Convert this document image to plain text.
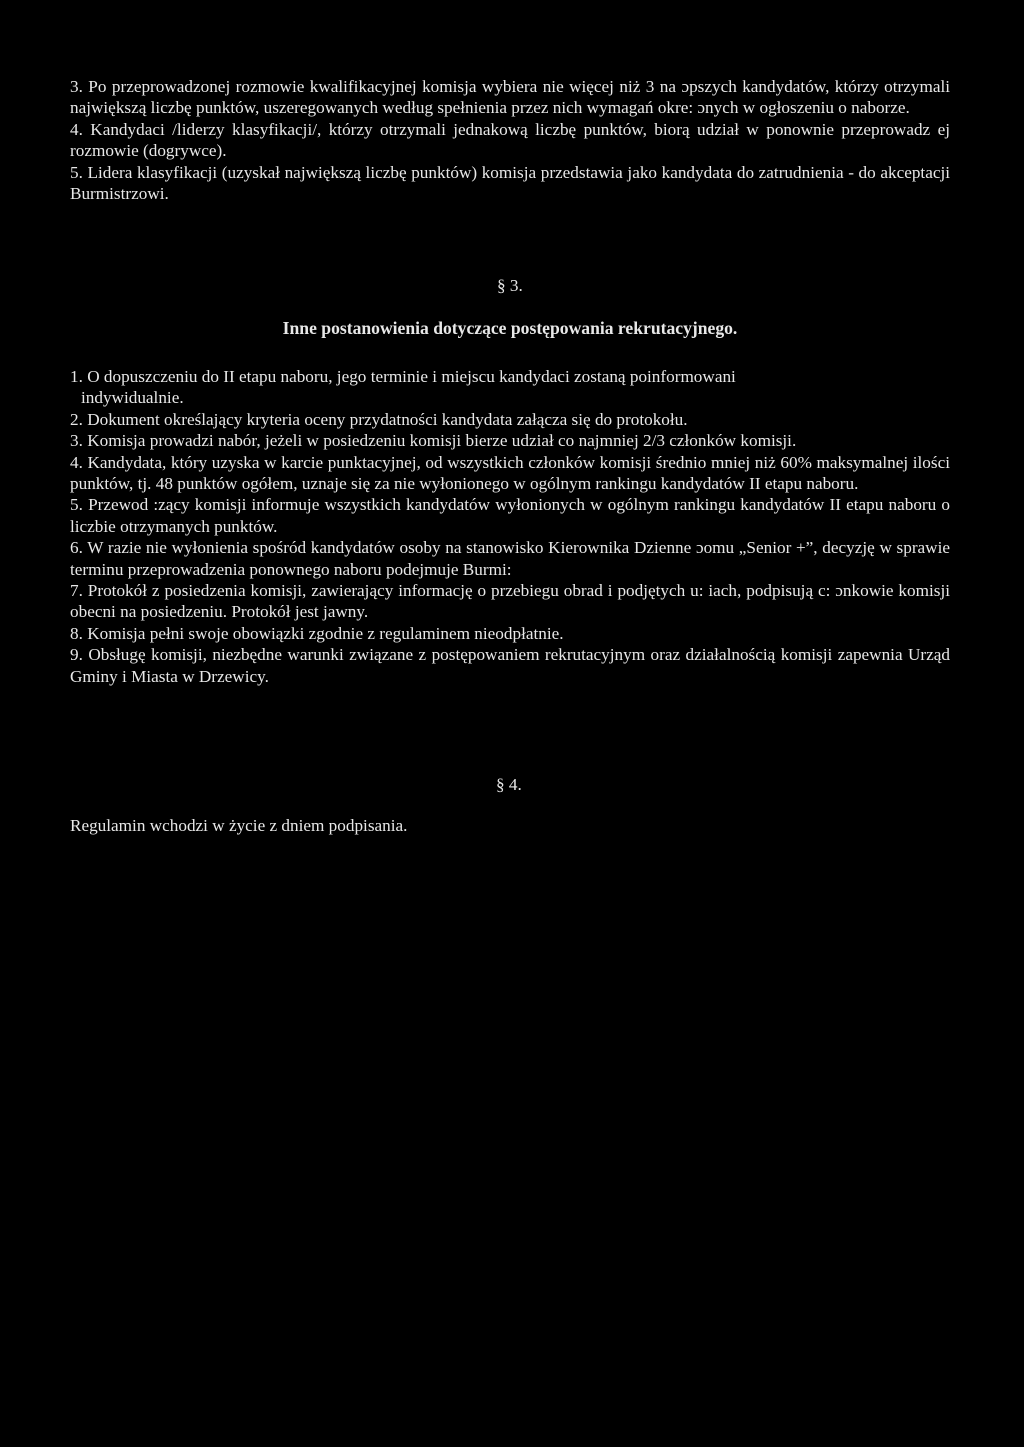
3. Po przeprowadzonej rozmowie kwalifikacyjnej komisja wybiera nie więcej niż 3 na ɔpszych kandydatów, którzy otrzymali największą liczbę punktów, uszeregowanych według spełnienia przez nich wymagań okre: ɔnych w ogłoszeniu o naborze.

4. Kandydaci /liderzy klasyfikacji/, którzy otrzymali jednakową liczbę punktów, biorą udział w ponownie przeprowadz ej rozmowie (dogrywce).

5. Lidera klasyfikacji (uzyskał największą liczbę punktów) komisja przedstawia jako kandydata do zatrudnienia - do akceptacji Burmistrzowi.

§ 3.
Inne postanowienia dotyczące postępowania rekrutacyjnego.

1. O dopuszczeniu do II etapu naboru, jego terminie i miejscu kandydaci zostaną poinformowani

indywidualnie.

2. Dokument określający kryteria oceny przydatności kandydata załącza się do protokołu.

3. Komisja prowadzi nabór, jeżeli w posiedzeniu komisji bierze udział co najmniej 2/3 członków komisji.

4. Kandydata, który uzyska w karcie punktacyjnej, od wszystkich członków komisji średnio mniej niż 60% maksymalnej ilości punktów, tj. 48 punktów ogółem, uznaje się za nie wyłonionego w ogólnym rankingu kandydatów II etapu naboru.

5. Przewod :zący komisji informuje wszystkich kandydatów wyłonionych w ogólnym rankingu kandydatów II etapu naboru o liczbie otrzymanych punktów.

6. W razie nie wyłonienia spośród kandydatów osoby na stanowisko Kierownika Dzienne ɔomu „Senior +”, decyzję w sprawie terminu przeprowadzenia ponownego naboru podejmuje Burmi:

7. Protokół z posiedzenia komisji, zawierający informację o przebiegu obrad i podjętych u: iach, podpisują c: ɔnkowie komisji obecni na posiedzeniu. Protokół jest jawny.

8. Komisja pełni swoje obowiązki zgodnie z regulaminem nieodpłatnie.

9. Obsługę komisji, niezbędne warunki związane z postępowaniem rekrutacyjnym oraz działalnością komisji zapewnia Urząd Gminy i Miasta w Drzewicy.

§ 4.
Regulamin wchodzi w życie z dniem podpisania.
